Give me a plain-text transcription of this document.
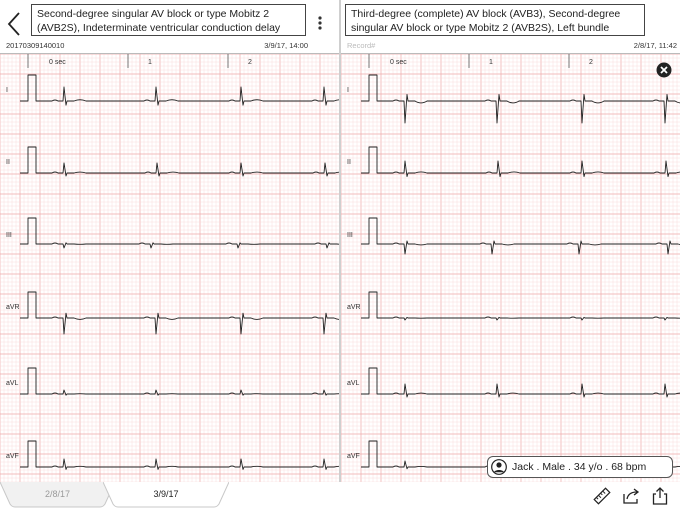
Second-degree singular AV block or type Mobitz 2
(AVB2S), Indeterminate ventricular conduction delay
20170309140010	3/9/17, 14:00
0 sec	1	2
I
II
III
aVR
aVL
aVF
Third-degree (complete) AV block (AVB3), Second-degree
singular AV block or type Mobitz 2 (AVB2S), Left bundle
Record#	2/8/17, 11:42
0 sec	1	2
I
II
III
aVR
aVL
aVF
Jack . Male . 34 y/o . 68 bpm
2/8/17	3/9/17
